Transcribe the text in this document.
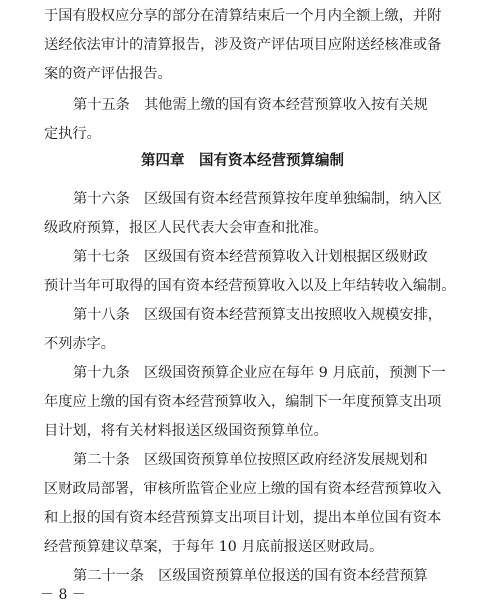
于国有股权应分享的部分在清算结束后一个月内全额上缴，并附
送经依法审计的清算报告，涉及资产评估项目应附送经核准或备
案的资产评估报告。
第十五条　其他需上缴的国有资本经营预算收入按有关规
定执行。
第四章　国有资本经营预算编制
第十六条　区级国有资本经营预算按年度单独编制，纳入区
级政府预算，报区人民代表大会审查和批准。
第十七条　区级国有资本经营预算收入计划根据区级财政
预计当年可取得的国有资本经营预算收入以及上年结转收入编制。
第十八条　区级国有资本经营预算支出按照收入规模安排，
不列赤字。
第十九条　区级国资预算企业应在每年 9 月底前，预测下一
年度应上缴的国有资本经营预算收入，编制下一年度预算支出项
目计划，将有关材料报送区级国资预算单位。
第二十条　区级国资预算单位按照区政府经济发展规划和
区财政局部署，审核所监管企业应上缴的国有资本经营预算收入
和上报的国有资本经营预算支出项目计划，提出本单位国有资本
经营预算建议草案，于每年 10 月底前报送区财政局。
第二十一条　区级国资预算单位报送的国有资本经营预算
－ 8 －
